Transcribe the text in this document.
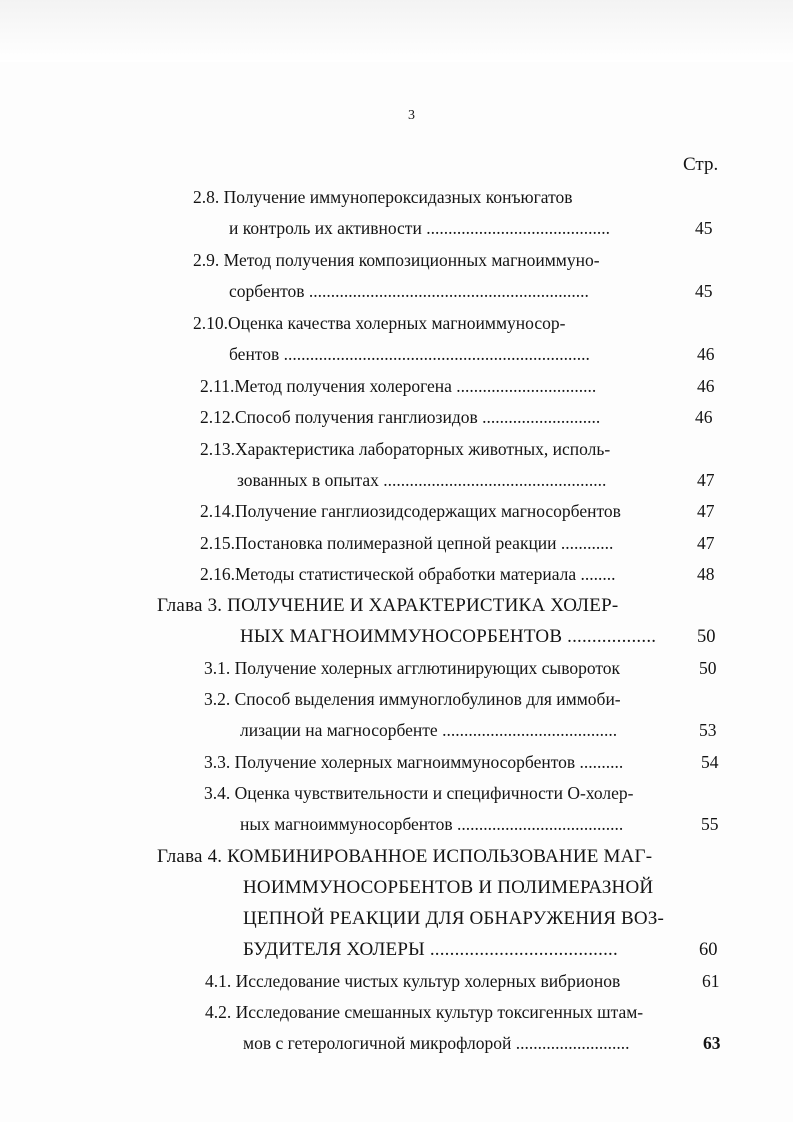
3
Стр.
2.8. Получение иммунопероксидазных конъюгатов
и контроль их активности ..........................................	45
2.9. Метод получения композиционных магноиммуно-
сорбентов ................................................................	45
2.10.Оценка качества холерных магноиммуносор-
бентов ......................................................................	46
2.11.Метод получения холерогена ................................	46
2.12.Способ получения ганглиозидов ...........................	46
2.13.Характеристика лабораторных животных, исполь-
зованных в опытах ...................................................	47
2.14.Получение ганглиозидсодержащих магносорбентов	47
2.15.Постановка полимеразной цепной реакции ............	47
2.16.Методы статистической обработки материала ........	48
Глава 3. ПОЛУЧЕНИЕ И ХАРАКТЕРИСТИКА ХОЛЕР-
НЫХ МАГНОИММУНОСОРБЕНТОВ .................. 50
3.1. Получение холерных агглютинирующих сывороток	50
3.2. Способ выделения иммуноглобулинов для иммоби-
лизации на магносорбенте ........................................	53
3.3. Получение холерных магноиммуносорбентов ..........	54
3.4. Оценка чувствительности и специфичности О-холер-
ных магноиммуносорбентов ......................................	55
Глава 4. КОМБИНИРОВАННОЕ ИСПОЛЬЗОВАНИЕ МАГ-
НОИММУНОСОРБЕНТОВ И ПОЛИМЕРАЗНОЙ
ЦЕПНОЙ РЕАКЦИИ ДЛЯ ОБНАРУЖЕНИЯ ВОЗ-
БУДИТЕЛЯ ХОЛЕРЫ ......................................	60
4.1. Исследование чистых культур холерных вибрионов	61
4.2. Исследование смешанных культур токсигенных штам-
мов с гетерологичной микрофлорой ..........................	63
